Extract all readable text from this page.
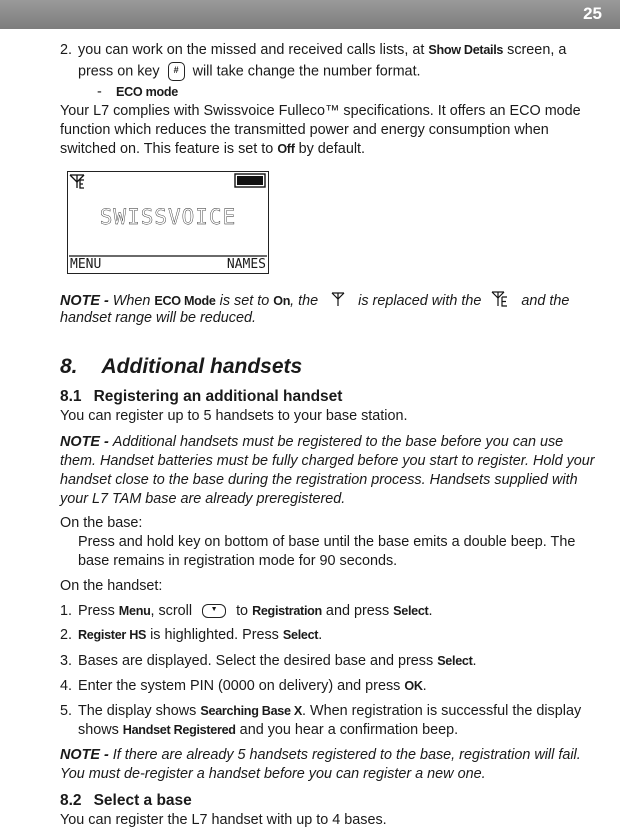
25
2. you can work on the missed and received calls lists, at Show Details screen, a
press on key	# will take change the number format.
- ECO mode
Your L7 complies with Swissvoice Fulleco™ specifications. It offers an ECO mode
function which reduces the transmitted power and energy consumption when
switched on. This feature is set to Off by default.
SWISSVOICE
MENU	NAMES
NOTE - When ECO Mode is set to On, the	is replaced with the	and the
handset range will be reduced.
8. Additional handsets
8.1 Registering an additional handset
You can register up to 5 handsets to your base station.
NOTE - Additional handsets must be registered to the base before you can use
them. Handset batteries must be fully charged before you start to register. Hold your
handset close to the base during the registration process. Handsets supplied with
your L7 TAM base are already preregistered.
On the base:
Press and hold key on bottom of base until the base emits a double beep. The
base remains in registration mode for 90 seconds.
On the handset:
1. Press Menu, scroll	▼	to Registration and press Select.
2. Register HS is highlighted. Press Select.
3. Bases are displayed. Select the desired base and press Select.
4. Enter the system PIN (0000 on delivery) and press OK.
5. The display shows Searching Base X. When registration is successful the display
shows Handset Registered and you hear a confirmation beep.
NOTE - If there are already 5 handsets registered to the base, registration will fail.
You must de-register a handset before you can register a new one.
8.2 Select a base
You can register the L7 handset with up to 4 bases.
